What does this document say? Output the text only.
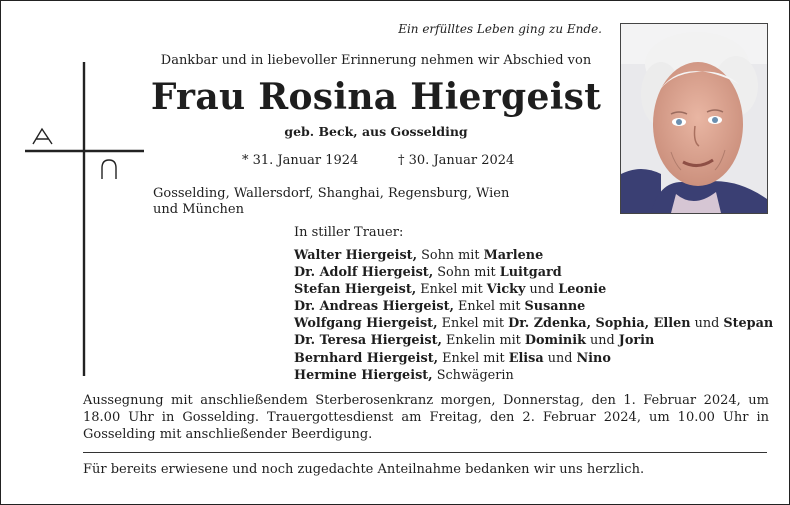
Ein erfülltes Leben ging zu Ende.
Dankbar und in liebevoller Erinnerung nehmen wir Abschied von
Frau Rosina Hiergeist
geb. Beck, aus Gosselding
* 31. Januar 1924	† 30. Januar 2024
Gosselding, Wallersdorf, Shanghai, Regensburg, Wien und München
In stiller Trauer:
Walter Hiergeist, Sohn mit Marlene
Dr. Adolf Hiergeist, Sohn mit Luitgard
Stefan Hiergeist, Enkel mit Vicky und Leonie
Dr. Andreas Hiergeist, Enkel mit Susanne
Wolfgang Hiergeist, Enkel mit Dr. Zdenka, Sophia, Ellen und Stepan
Dr. Teresa Hiergeist, Enkelin mit Dominik und Jorin
Bernhard Hiergeist, Enkel mit Elisa und Nino
Hermine Hiergeist, Schwägerin
Aussegnung mit anschließendem Sterberosenkranz morgen, Donnerstag, den 1. Februar 2024, um 18.00 Uhr in Gosselding. Trauergottesdienst am Freitag, den 2. Februar 2024, um 10.00 Uhr in Gosselding mit anschließender Beerdigung.
Für bereits erwiesene und noch zugedachte Anteilnahme bedanken wir uns herzlich.
